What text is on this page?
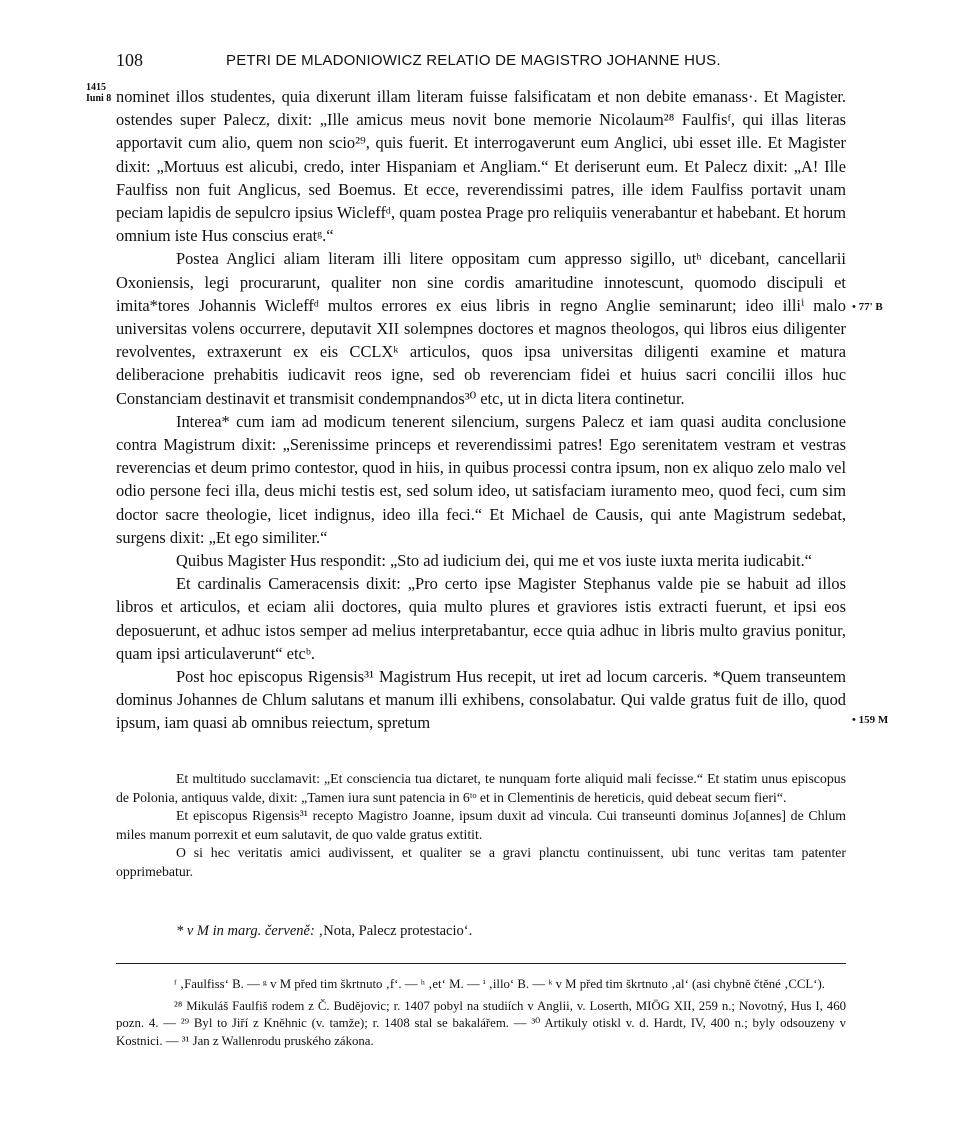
108	PETRI DE MLADONIOWICZ RELATIO DE MAGISTRO JOHANNE HUS.
1415
Iuni 8
• 77' B
• 159 M

nominet illos studentes, quia dixerunt illam literam fuisse falsificatam et non debite emanass·. Et Magister. ostendes super Palecz, dixit: „Ille amicus meus novit bone memorie Nicolaum²⁸ Faulfisᶠ, qui illas literas apportavit cum alio, quem non scio²⁹, quis fuerit. Et interrogaverunt eum Anglici, ubi esset ille. Et Magister dixit: „Mortuus est alicubi, credo, inter Hispaniam et Angliam.“ Et deriserunt eum. Et Palecz dixit: „A! Ille Faulfiss non fuit Anglicus, sed Boemus. Et ecce, reverendissimi patres, ille idem Faulfiss portavit unam peciam lapidis de sepulcro ipsius Wicleffᵈ, quam postea Prage pro reliquiis venerabantur et habebant. Et horum omnium iste Hus conscius eratᵍ.“

Postea Anglici aliam literam illi litere oppositam cum appresso sigillo, utʰ dicebant, cancellarii Oxoniensis, legi procurarunt, qualiter non sine cordis amaritudine innotescunt, quomodo discipuli et imita*tores Johannis Wicleffᵈ multos errores ex eius libris in regno Anglie seminarunt; ideo illiⁱ malo universitas volens occurrere, deputavit XII solempnes doctores et magnos theologos, qui libros eius diligenter revolventes, extraxerunt ex eis CCLXᵏ articulos, quos ipsa universitas diligenti examine et matura deliberacione prehabitis iudicavit reos igne, sed ob reverenciam fidei et huius sacri concilii illos huc Constanciam destinavit et transmisit condempnandos³⁰ etc, ut in dicta litera continetur.

Interea* cum iam ad modicum tenerent silencium, surgens Palecz et iam quasi audita conclusione contra Magistrum dixit: „Serenissime princeps et reverendissimi patres! Ego serenitatem vestram et vestras reverencias et deum primo contestor, quod in hiis, in quibus processi contra ipsum, non ex aliquo zelo malo vel odio persone feci illa, deus michi testis est, sed solum ideo, ut satisfaciam iuramento meo, quod feci, cum sim doctor sacre theologie, licet indignus, ideo illa feci.“ Et Michael de Causis, qui ante Magistrum sedebat, surgens dixit: „Et ego similiter.“

Quibus Magister Hus respondit: „Sto ad iudicium dei, qui me et vos iuste iuxta merita iudicabit.“

Et cardinalis Cameracensis dixit: „Pro certo ipse Magister Stephanus valde pie se habuit ad illos libros et articulos, et eciam alii doctores, quia multo plures et graviores istis extracti fuerunt, et ipsi eos deposuerunt, et adhuc istos semper ad melius interpretabantur, ecce quia adhuc in libris multo gravius ponitur, quam ipsi articulaverunt“ etcᵇ.

Post hoc episcopus Rigensis³¹ Magistrum Hus recepit, ut iret ad locum carceris. *Quem transeuntem dominus Johannes de Chlum salutans et manum illi exhibens, consolabatur. Qui valde gratus fuit de illo, quod ipsum, iam quasi ab omnibus reiectum, spretum

Et multitudo succlamavit: „Et consciencia tua dictaret, te nunquam forte aliquid mali fecisse.“ Et statim unus episcopus de Polonia, antiquus valde, dixit: „Tamen iura sunt patencia in 6ᵗᵒ et in Clementinis de hereticis, quid debeat secum fieri“.

Et episcopus Rigensis³¹ recepto Magistro Joanne, ipsum duxit ad vincula. Cui transeunti dominus Jo[annes] de Chlum miles manum porrexit et eum salutavit, de quo valde gratus extitit.

O si hec veritatis amici audivissent, et qualiter se a gravi planctu continuissent, ubi tunc veritas tam patenter opprimebatur.

* v M in marg. červeně: ‚Nota, Palecz protestacio‘.

ᶠ ‚Faulfiss‘ B. — ᵍ v M před tim škrtnuto ‚f‘. — ʰ ‚et‘ M. — ⁱ ‚illo‘ B. — ᵏ v M před tim škrtnuto ‚al‘ (asi chybně čtěné ‚CCL‘).

²⁸ Mikuláš Faulfiš rodem z Č. Budějovic; r. 1407 pobyl na studiích v Anglii, v. Loserth, MIÖG XII, 259 n.; Novotný, Hus I, 460 pozn. 4. — ²⁹ Byl to Jiří z Kněhnic (v. tamže); r. 1408 stal se bakalářem. — ³⁰ Artikuly otiskl v. d. Hardt, IV, 400 n.; byly odsouzeny v Kostnici. — ³¹ Jan z Wallenrodu pruského zákona.
